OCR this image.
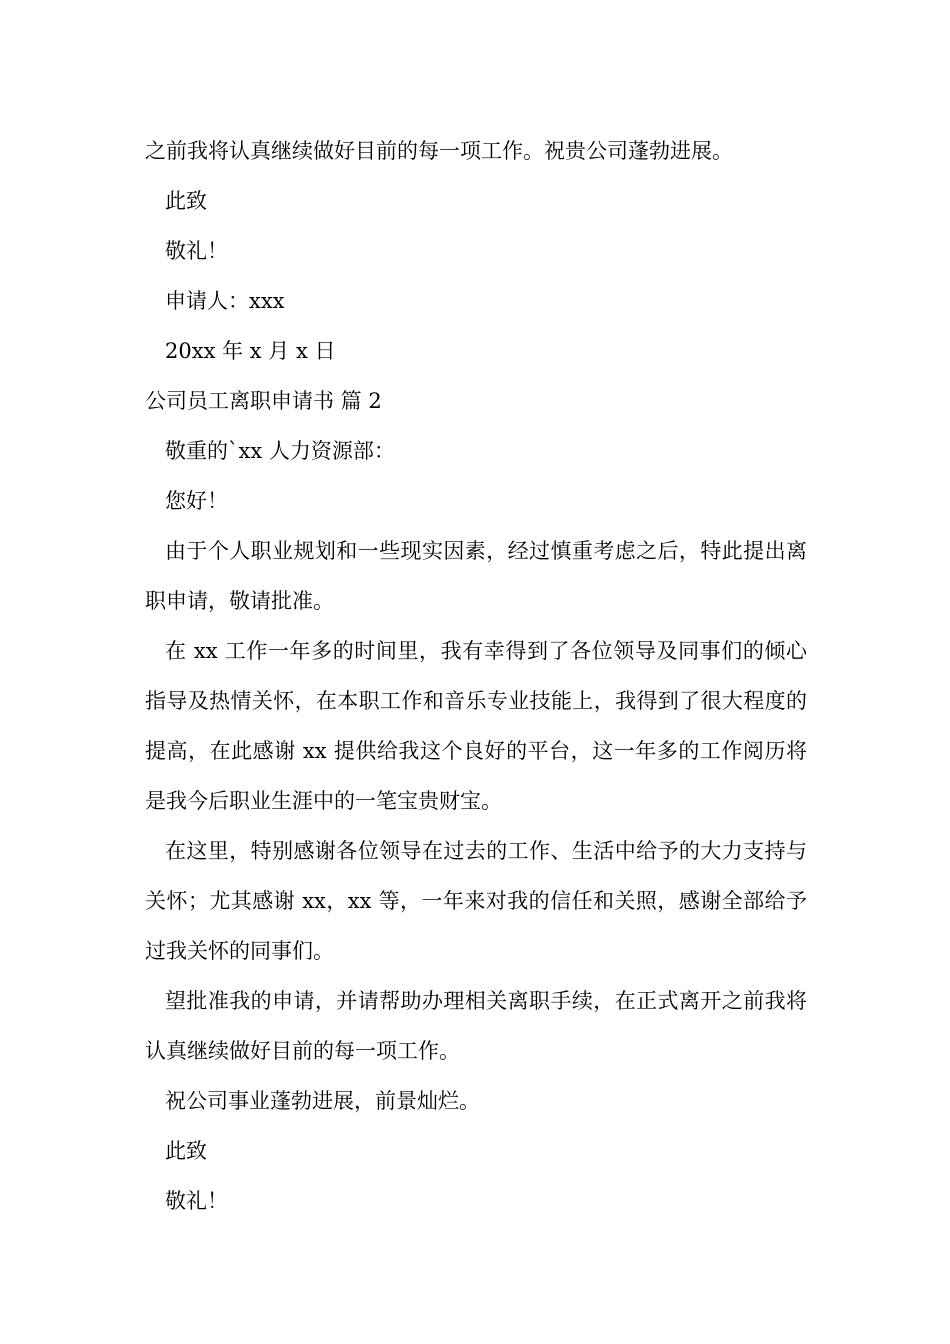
之前我将认真继续做好目前的每一项工作。祝贵公司蓬勃进展。
此致
敬礼！
申请人：xxx
20xx 年 x 月 x 日
公司员工离职申请书 篇 2
敬重的`xx 人力资源部：
您好！
由于个人职业规划和一些现实因素，经过慎重考虑之后，特此提出离职申请，敬请批准。
在 xx 工作一年多的时间里，我有幸得到了各位领导及同事们的倾心指导及热情关怀，在本职工作和音乐专业技能上，我得到了很大程度的提高，在此感谢 xx 提供给我这个良好的平台，这一年多的工作阅历将是我今后职业生涯中的一笔宝贵财宝。
在这里，特别感谢各位领导在过去的工作、生活中给予的大力支持与关怀；尤其感谢 xx，xx 等，一年来对我的信任和关照，感谢全部给予过我关怀的同事们。
望批准我的申请，并请帮助办理相关离职手续，在正式离开之前我将认真继续做好目前的每一项工作。
祝公司事业蓬勃进展，前景灿烂。
此致
敬礼！
